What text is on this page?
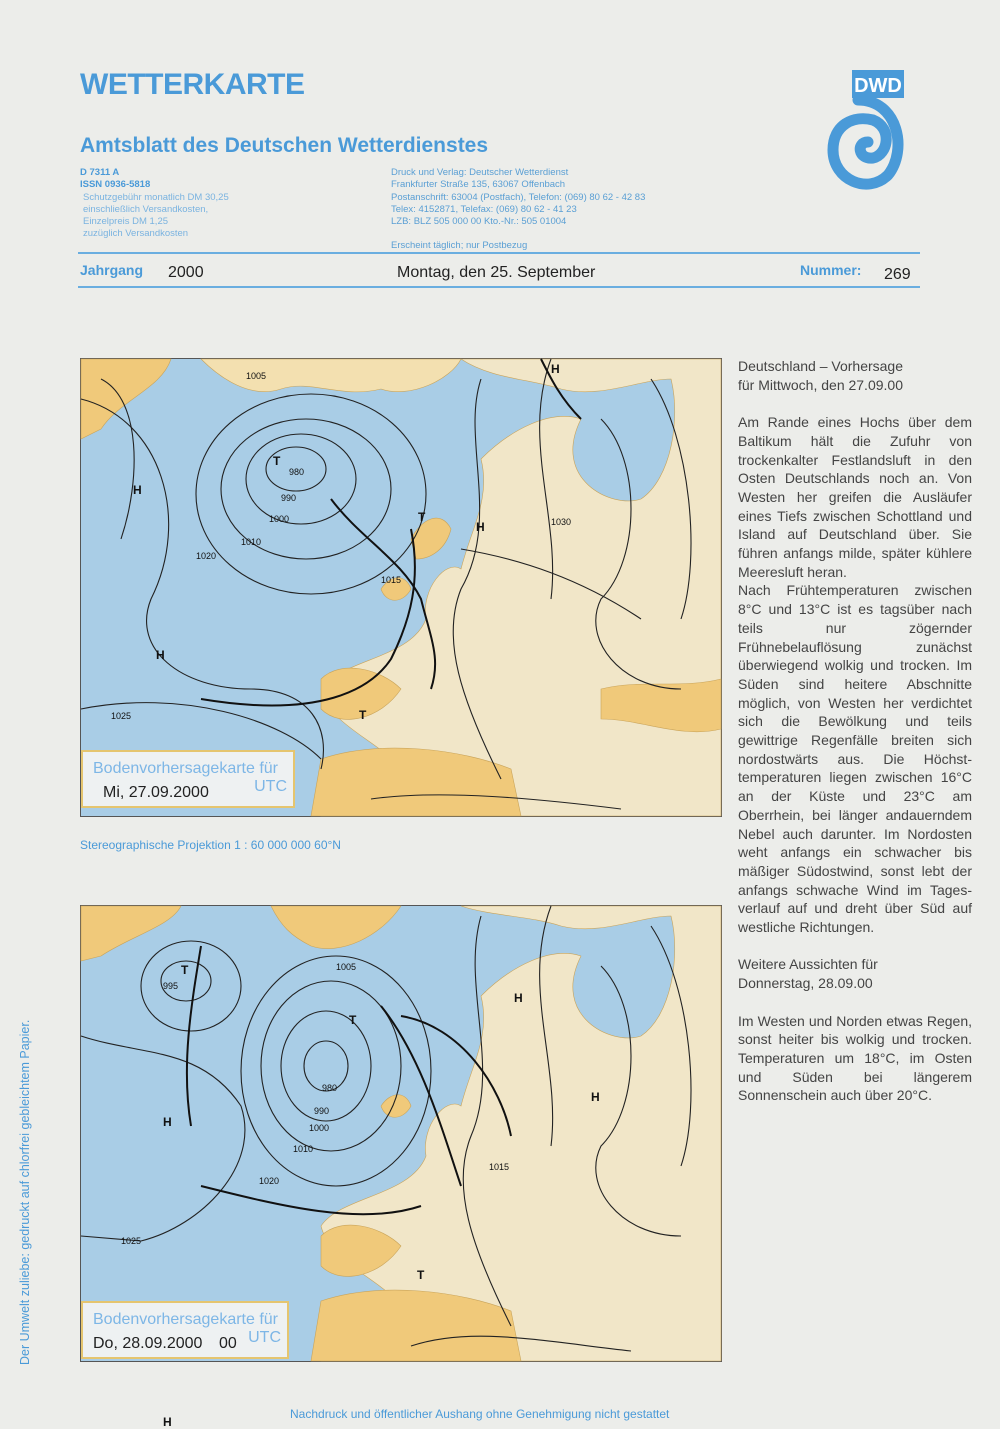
WETTERKARTE
Amtsblatt des Deutschen Wetterdienstes
DWD
D 7311 A
ISSN 0936-5818
Schutzgebühr monatlich DM 30,25
einschließlich Versandkosten,
Einzelpreis DM 1,25
zuzüglich Versandkosten
Druck und Verlag: Deutscher Wetterdienst
Frankfurter Straße 135, 63067 Offenbach
Postanschrift: 63004 (Postfach), Telefon: (069) 80 62 - 42 83
Telex: 4152871, Telefax: (069) 80 62 - 41 23
LZB: BLZ 505 000 00 Kto.-Nr.: 505 01004
Erscheint täglich; nur Postbezug
Jahrgang 2000	Montag, den 25. September	Nummer: 269
H
H
H
H
T
T
T
980
990
1000
1005
1010
1015
1020
1025
1030
Bodenvorhersagekarte für
Mi, 27.09.2000	UTC
Stereographische Projektion 1 : 60 000 000 60°N
H
H
H
H
T
T
T
980
990
1000
1005
1010
1015
1020
1025
995
Bodenvorhersagekarte für
Do, 28.09.2000 00 UTC

Deutschland – Vorhersage

für Mittwoch, den 27.09.00

Am Rande eines Hochs über dem Baltikum hält die Zufuhr von trockenkalter Festlandsluft in den Osten Deutschlands noch an. Von Westen her greifen die Ausläufer eines Tiefs zwischen Schottland und Island auf Deutschland über. Sie führen anfangs milde, später kühlere Meeresluft heran.

Nach Frühtemperaturen zwischen 8°C und 13°C ist es tagsüber nach teils nur zögernder Frühnebelauflösung zunächst überwiegend wolkig und trocken. Im Süden sind heitere Abschnitte möglich, von Westen her verdichtet sich die Bewölkung und teils gewittrige Regenfälle breiten sich nordostwärts aus. Die Höchsttemperaturen liegen zwischen 16°C an der Küste und 23°C am Oberrhein, bei länger andauerndem Nebel auch darunter. Im Nordosten weht anfangs ein schwacher bis mäßiger Südostwind, sonst lebt der anfangs schwache Wind im Tagesverlauf auf und dreht über Süd auf westliche Richtungen.

Weitere Aussichten für

Donnerstag, 28.09.00

Im Westen und Norden etwas Regen, sonst heiter bis wolkig und trocken. Temperaturen um 18°C, im Osten und Süden bei längerem Sonnenschein auch über 20°C.

Der Umwelt zuliebe: gedruckt auf chlorfrei gebleichtem Papier.
Nachdruck und öffentlicher Aushang ohne Genehmigung nicht gestattet
